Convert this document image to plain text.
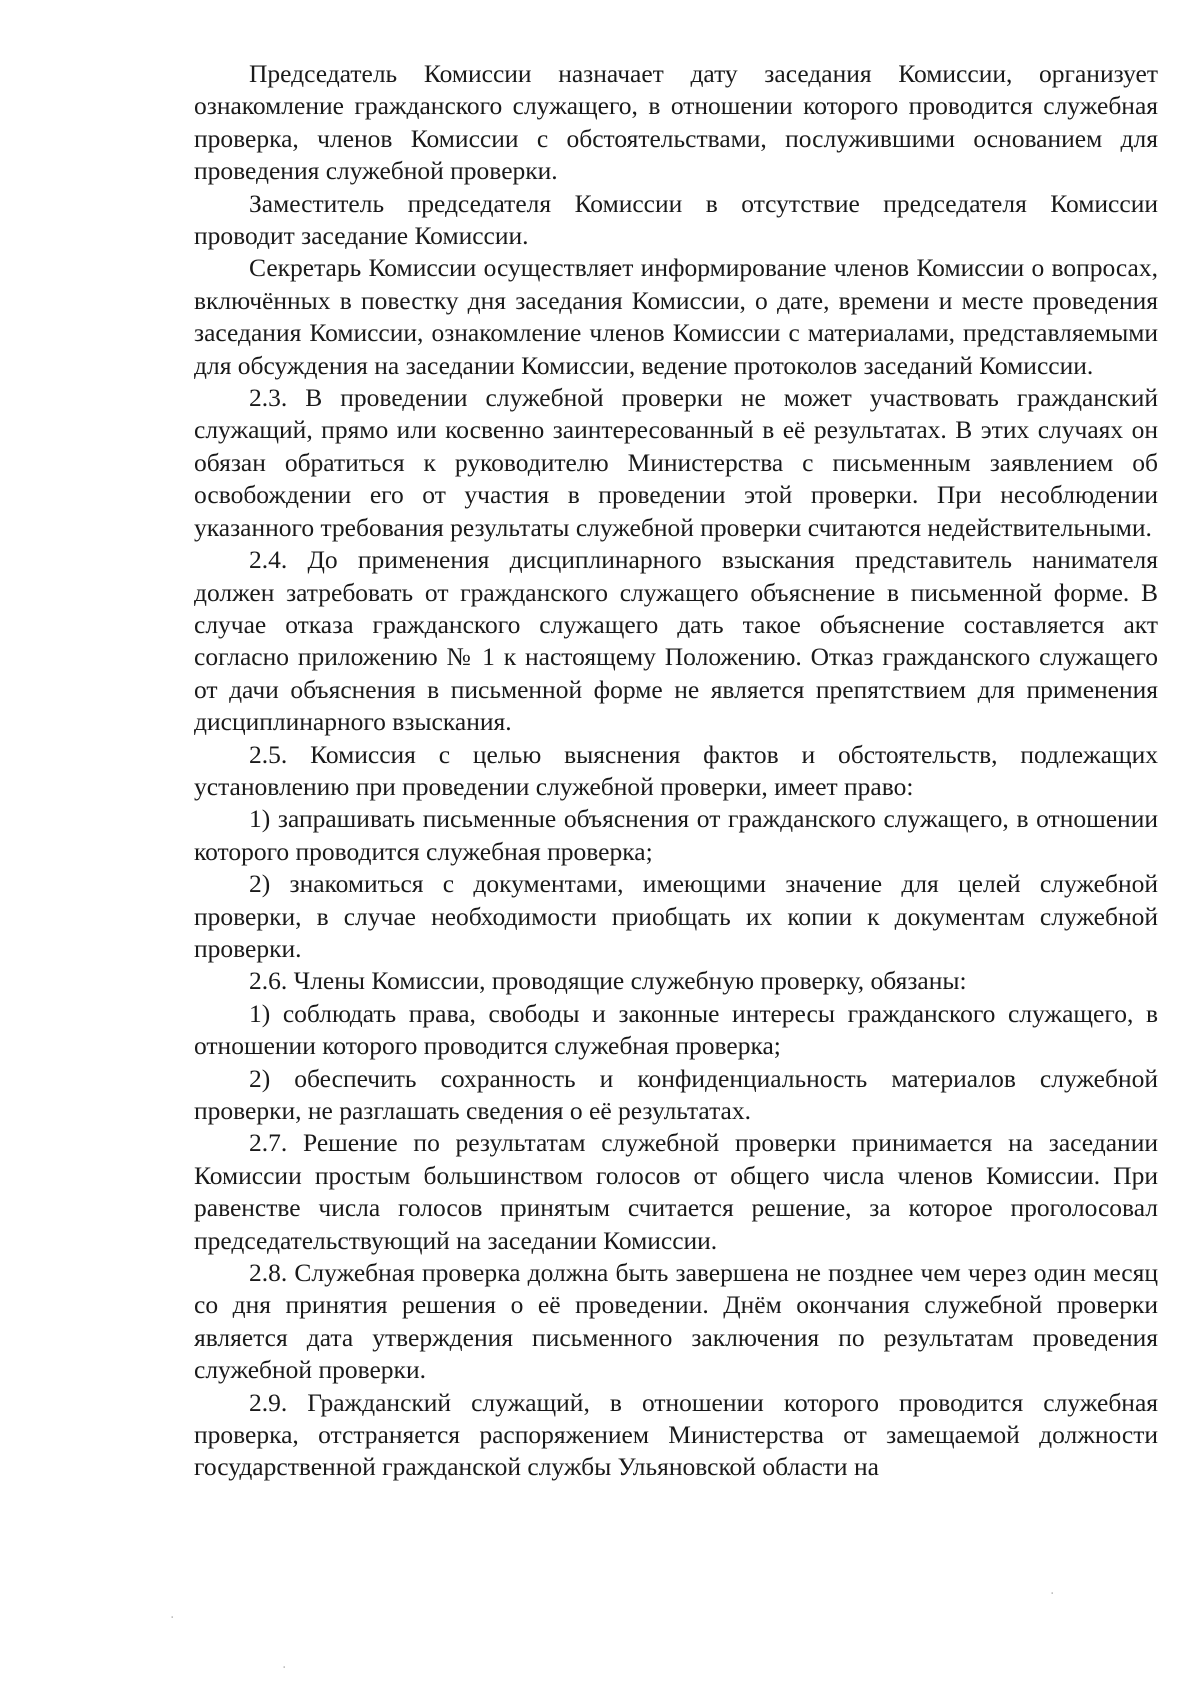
Председатель Комиссии назначает дату заседания Комиссии, организует ознакомление гражданского служащего, в отношении которого проводится служебная проверка, членов Комиссии с обстоятельствами, послужившими основанием для проведения служебной проверки.

Заместитель председателя Комиссии в отсутствие председателя Комиссии проводит заседание Комиссии.

Секретарь Комиссии осуществляет информирование членов Комиссии о вопросах, включённых в повестку дня заседания Комиссии, о дате, времени и месте проведения заседания Комиссии, ознакомление членов Комиссии с материалами, представляемыми для обсуждения на заседании Комиссии, ведение протоколов заседаний Комиссии.

2.3. В проведении служебной проверки не может участвовать гражданский служащий, прямо или косвенно заинтересованный в её результатах. В этих случаях он обязан обратиться к руководителю Министерства с письменным заявлением об освобождении его от участия в проведении этой проверки. При несоблюдении указанного требования результаты служебной проверки считаются недействительными.

2.4. До применения дисциплинарного взыскания представитель нанимателя должен затребовать от гражданского служащего объяснение в письменной форме. В случае отказа гражданского служащего дать такое объяснение составляется акт согласно приложению № 1 к настоящему Положению. Отказ гражданского служащего от дачи объяснения в письменной форме не является препятствием для применения дисциплинарного взыскания.

2.5. Комиссия с целью выяснения фактов и обстоятельств, подлежащих установлению при проведении служебной проверки, имеет право:

1) запрашивать письменные объяснения от гражданского служащего, в отношении которого проводится служебная проверка;

2) знакомиться с документами, имеющими значение для целей служебной проверки, в случае необходимости приобщать их копии к документам служебной проверки.

2.6. Члены Комиссии, проводящие служебную проверку, обязаны:

1) соблюдать права, свободы и законные интересы гражданского служащего, в отношении которого проводится служебная проверка;

2) обеспечить сохранность и конфиденциальность материалов служебной проверки, не разглашать сведения о её результатах.

2.7. Решение по результатам служебной проверки принимается на заседании Комиссии простым большинством голосов от общего числа членов Комиссии. При равенстве числа голосов принятым считается решение, за которое проголосовал председательствующий на заседании Комиссии.

2.8. Служебная проверка должна быть завершена не позднее чем через один месяц со дня принятия решения о её проведении. Днём окончания служебной проверки является дата утверждения письменного заключения по результатам проведения служебной проверки.

2.9. Гражданский служащий, в отношении которого проводится служебная проверка, отстраняется распоряжением Министерства от замещаемой должности государственной гражданской службы Ульяновской области на

·
·
·
